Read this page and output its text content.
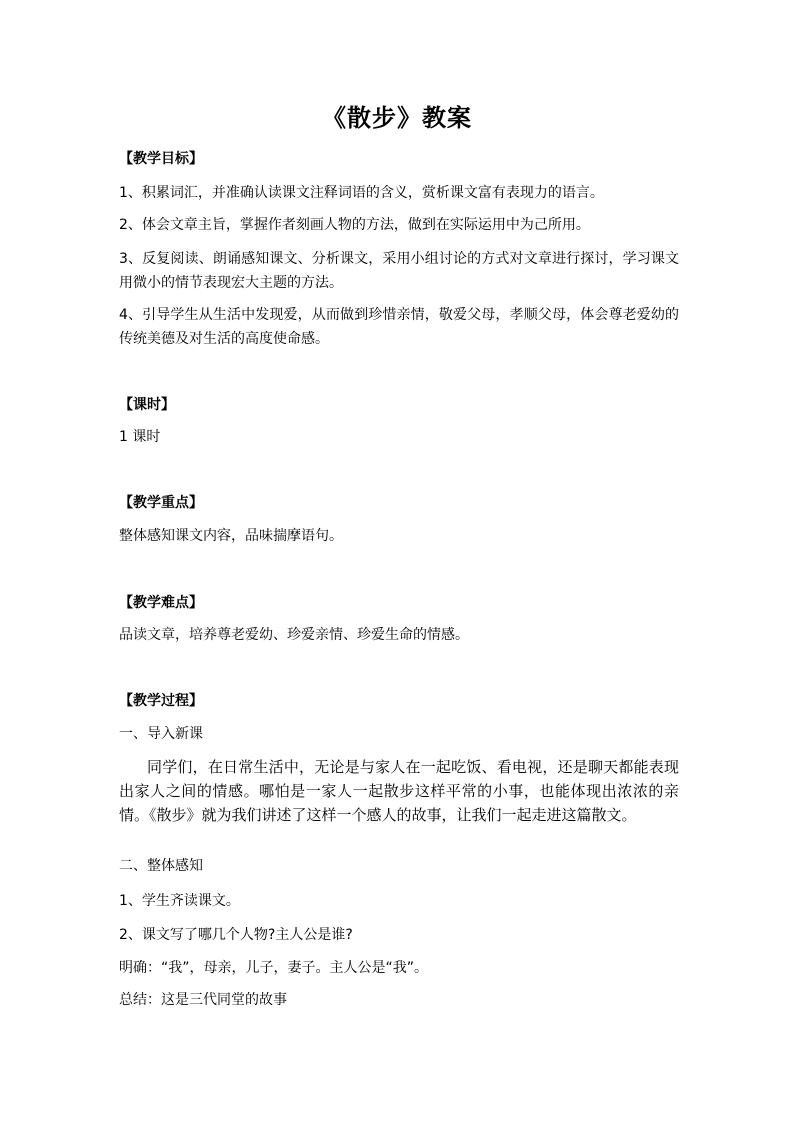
《散步》教案
【教学目标】
1、积累词汇，并准确认读课文注释词语的含义，赏析课文富有表现力的语言。
2、体会文章主旨，掌握作者刻画人物的方法，做到在实际运用中为己所用。
3、反复阅读、朗诵感知课文、分析课文，采用小组讨论的方式对文章进行探讨，学习课文用微小的情节表现宏大主题的方法。
4、引导学生从生活中发现爱，从而做到珍惜亲情，敬爱父母，孝顺父母，体会尊老爱幼的传统美德及对生活的高度使命感。
【课时】
1 课时
【教学重点】
整体感知课文内容，品味揣摩语句。
【教学难点】
品读文章，培养尊老爱幼、珍爱亲情、珍爱生命的情感。
【教学过程】
一、导入新课
同学们，在日常生活中，无论是与家人在一起吃饭、看电视，还是聊天都能表现出家人之间的情感。哪怕是一家人一起散步这样平常的小事，也能体现出浓浓的亲情。《散步》就为我们讲述了这样一个感人的故事，让我们一起走进这篇散文。
二、整体感知
1、学生齐读课文。
2、课文写了哪几个人物?主人公是谁?
明确：“我”，母亲，儿子，妻子。主人公是“我”。
总结：这是三代同堂的故事
